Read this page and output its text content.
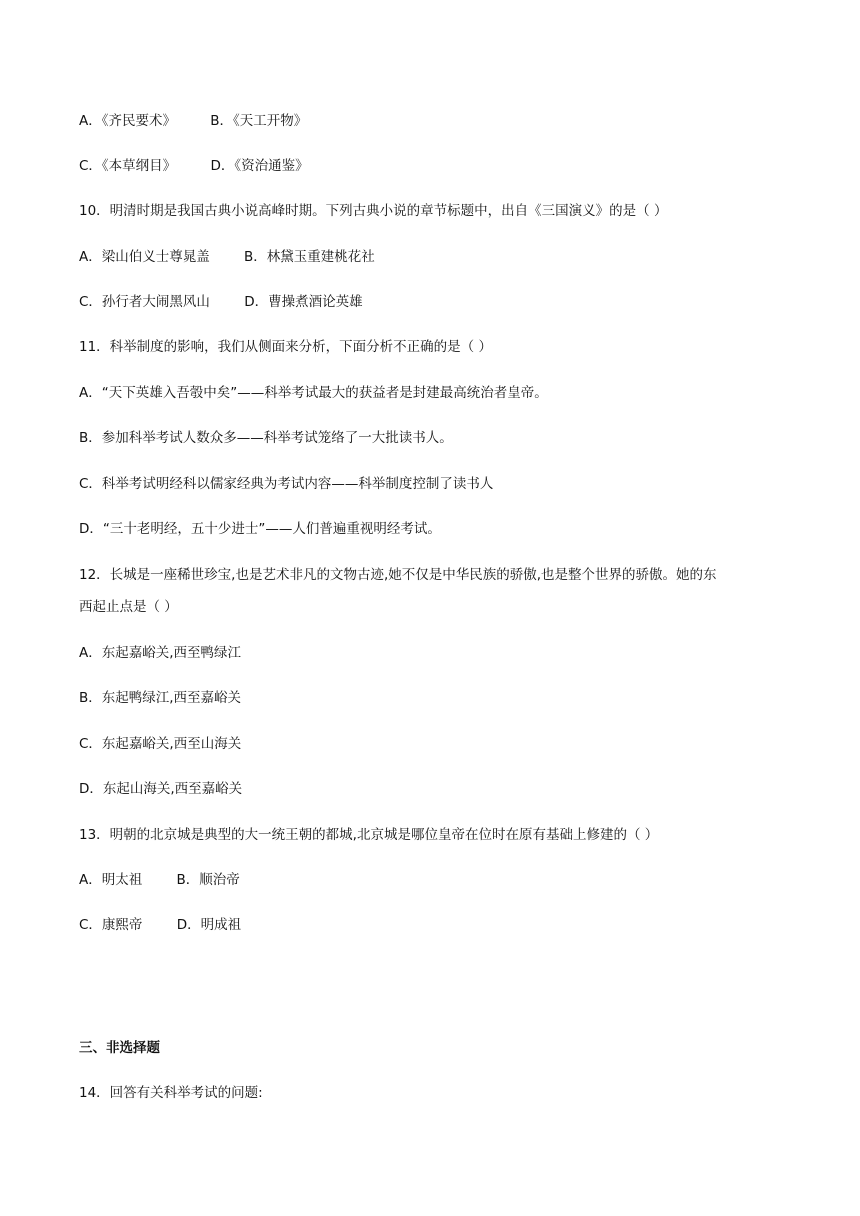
A．《齐民要术》	B．《天工开物》
C．《本草纲目》	D．《资治通鉴》
10．明清时期是我国古典小说高峰时期。下列古典小说的章节标题中，出自《三国演义》的是（ ）
A．梁山伯义士尊晁盖	B．林黛玉重建桃花社
C．孙行者大闹黑风山	D．曹操煮酒论英雄
11．科举制度的影响，我们从侧面来分析，下面分析不正确的是（ ）
A．“天下英雄入吾彀中矣”——科举考试最大的获益者是封建最高统治者皇帝。
B．参加科举考试人数众多——科举考试笼络了一大批读书人。
C．科举考试明经科以儒家经典为考试内容——科举制度控制了读书人
D．“三十老明经，五十少进士”——人们普遍重视明经考试。
12．长城是一座稀世珍宝,也是艺术非凡的文物古迹,她不仅是中华民族的骄傲,也是整个世界的骄傲。她的东
西起止点是（ ）
A．东起嘉峪关,西至鸭绿江
B．东起鸭绿江,西至嘉峪关
C．东起嘉峪关,西至山海关
D．东起山海关,西至嘉峪关
13．明朝的北京城是典型的大一统王朝的都城,北京城是哪位皇帝在位时在原有基础上修建的（ ）
A．明太祖	B．顺治帝
C．康熙帝	D．明成祖
三、非选择题
14．回答有关科举考试的问题:
